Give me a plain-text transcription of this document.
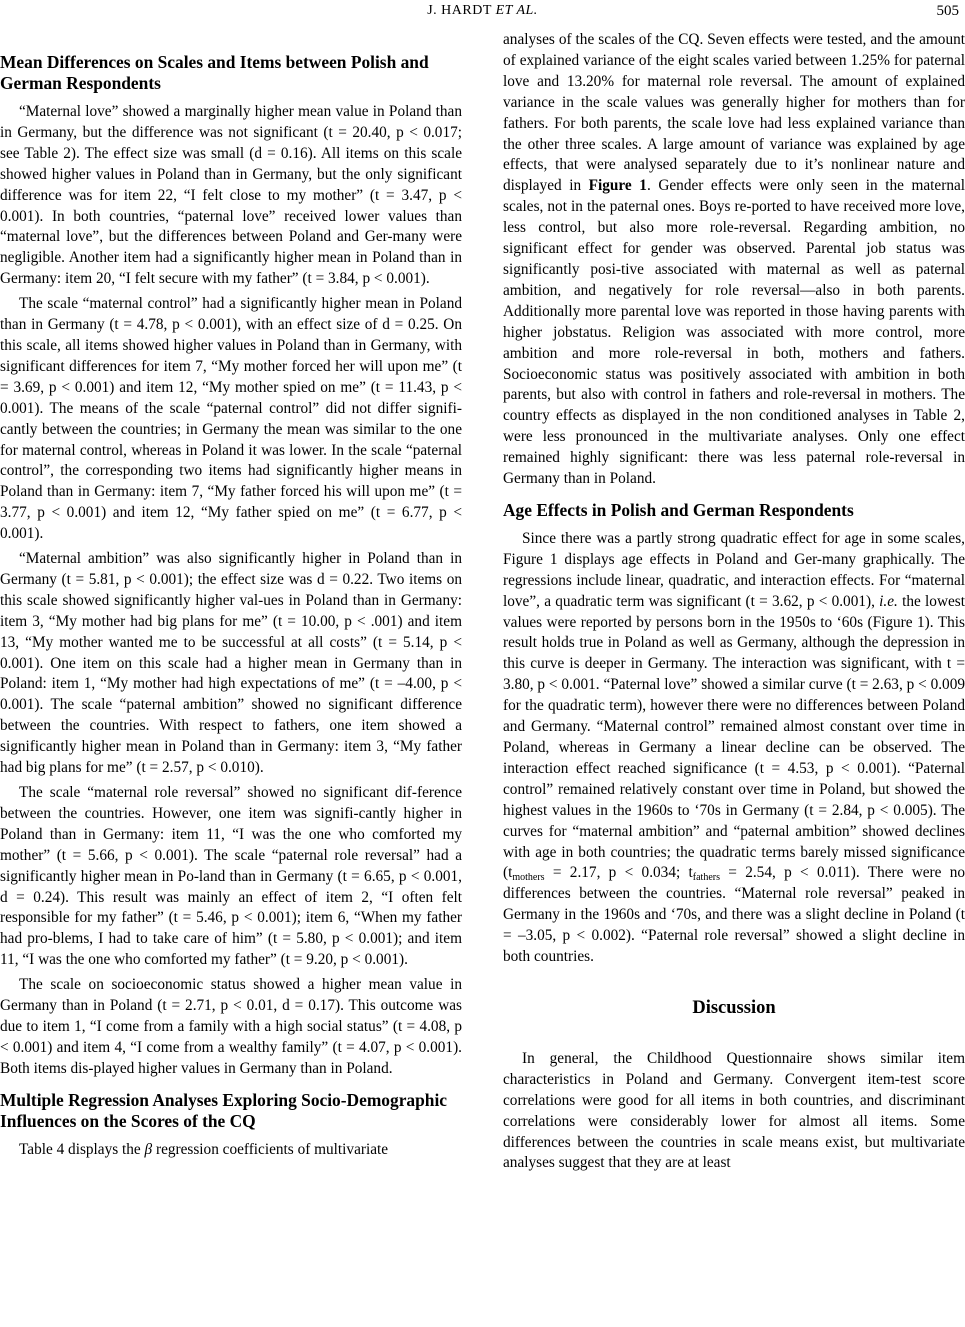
J. HARDT ET AL.	505
Mean Differences on Scales and Items between Polish and German Respondents

“Maternal love” showed a marginally higher mean value in Poland than in Germany, but the difference was not significant (t = 20.40, p < 0.017; see Table 2). The effect size was small (d = 0.16). All items on this scale showed higher values in Poland than in Germany, but the only significant difference was for item 22, “I felt close to my mother” (t = 3.47, p < 0.001). In both countries, “paternal love” received lower values than “maternal love”, but the differences between Poland and Ger-many were negligible. Another item had a significantly higher mean in Poland than in Germany: item 20, “I felt secure with my father” (t = 3.84, p < 0.001).

The scale “maternal control” had a significantly higher mean in Poland than in Germany (t = 4.78, p < 0.001), with an effect size of d = 0.25. On this scale, all items showed higher values in Poland than in Germany, with significant differences for item 7, “My mother forced her will upon me” (t = 3.69, p < 0.001) and item 12, “My mother spied on me” (t = 11.43, p < 0.001). The means of the scale “paternal control” did not differ signifi-cantly between the countries; in Germany the mean was similar to the one for maternal control, whereas in Poland it was lower. In the scale “paternal control”, the corresponding two items had significantly higher means in Poland than in Germany: item 7, “My father forced his will upon me” (t = 3.77, p < 0.001) and item 12, “My father spied on me” (t = 6.77, p < 0.001).

“Maternal ambition” was also significantly higher in Poland than in Germany (t = 5.81, p < 0.001); the effect size was d = 0.22. Two items on this scale showed significantly higher val-ues in Poland than in Germany: item 3, “My mother had big plans for me” (t = 10.00, p < .001) and item 13, “My mother wanted me to be successful at all costs” (t = 5.14, p < 0.001). One item on this scale had a higher mean in Germany than in Poland: item 1, “My mother had high expectations of me” (t = –4.00, p < 0.001). The scale “paternal ambition” showed no significant difference between the countries. With respect to fathers, one item showed a significantly higher mean in Poland than in Germany: item 3, “My father had big plans for me” (t = 2.57, p < 0.010).

The scale “maternal role reversal” showed no significant dif-ference between the countries. However, one item was signifi-cantly higher in Poland than in Germany: item 11, “I was the one who comforted my mother” (t = 5.66, p < 0.001). The scale “paternal role reversal” had a significantly higher mean in Po-land than in Germany (t = 6.65, p < 0.001, d = 0.24). This result was mainly an effect of item 2, “I often felt responsible for my father” (t = 5.46, p < 0.001); item 6, “When my father had pro-blems, I had to take care of him” (t = 5.80, p < 0.001); and item 11, “I was the one who comforted my father” (t = 9.20, p < 0.001).

The scale on socioeconomic status showed a higher mean value in Germany than in Poland (t = 2.71, p < 0.01, d = 0.17). This outcome was due to item 1, “I come from a family with a high social status” (t = 4.08, p < 0.001) and item 4, “I come from a wealthy family” (t = 4.07, p < 0.001). Both items dis-played higher values in Germany than in Poland.

Multiple Regression Analyses Exploring Socio-Demographic Influences on the Scores of the CQ

Table 4 displays the β regression coefficients of multivariate

analyses of the scales of the CQ. Seven effects were tested, and the amount of explained variance of the eight scales varied between 1.25% for paternal love and 13.20% for maternal role reversal. The amount of explained variance in the scale values was generally higher for mothers than for fathers. For both parents, the scale love had less explained variance than the other three scales. A large amount of variance was explained by age effects, that were analysed separately due to it’s nonlinear nature and displayed in Figure 1. Gender effects were only seen in the maternal scales, not in the paternal ones. Boys re-ported to have received more love, less control, but also more role-reversal. Regarding ambition, no significant effect for gender was observed. Parental job status was significantly posi-tive associated with maternal as well as paternal ambition, and negatively for role reversal—also in both parents. Additionally more parental love was reported in those having parents with higher jobstatus. Religion was associated with more control, more ambition and more role-reversal in both, mothers and fathers. Socioeconomic status was positively associated with ambition in both parents, but also with control in fathers and role-reversal in mothers. The country effects as displayed in the non conditioned analyses in Table 2, were less pronounced in the multivariate analyses. Only one effect remained highly significant: there was less paternal role-reversal in Germany than in Poland.

Age Effects in Polish and German Respondents

Since there was a partly strong quadratic effect for age in some scales, Figure 1 displays age effects in Poland and Ger-many graphically. The regressions include linear, quadratic, and interaction effects. For “maternal love”, a quadratic term was significant (t = 3.62, p < 0.001), i.e. the lowest values were reported by persons born in the 1950s to ‘60s (Figure 1). This result holds true in Poland as well as Germany, although the depression in this curve is deeper in Germany. The interaction was significant, with t = 3.80, p < 0.001. “Paternal love” showed a similar curve (t = 2.63, p < 0.009 for the quadratic term), however there were no differences between Poland and Germany. “Maternal control” remained almost constant over time in Poland, whereas in Germany a linear decline can be observed. The interaction effect reached significance (t = 4.53, p < 0.001). “Paternal control” remained relatively constant over time in Poland, but showed the highest values in the 1960s to ‘70s in Germany (t = 2.84, p < 0.005). The curves for “maternal ambition” and “paternal ambition” showed declines with age in both countries; the quadratic terms barely missed significance ($t_{mothers} = 2.17$, p < 0.034; $t_{fathers} = 2.54$, p < 0.011). There were no differences between the countries. “Maternal role reversal” peaked in Germany in the 1960s and ‘70s, and there was a slight decline in Poland (t = –3.05, p < 0.002). “Paternal role reversal” showed a slight decline in both countries.

Discussion

In general, the Childhood Questionnaire shows similar item characteristics in Poland and Germany. Convergent item-test score correlations were good for all items in both countries, and discriminant correlations were considerably lower for almost all items. Some differences between the countries in scale means exist, but multivariate analyses suggest that they are at least
